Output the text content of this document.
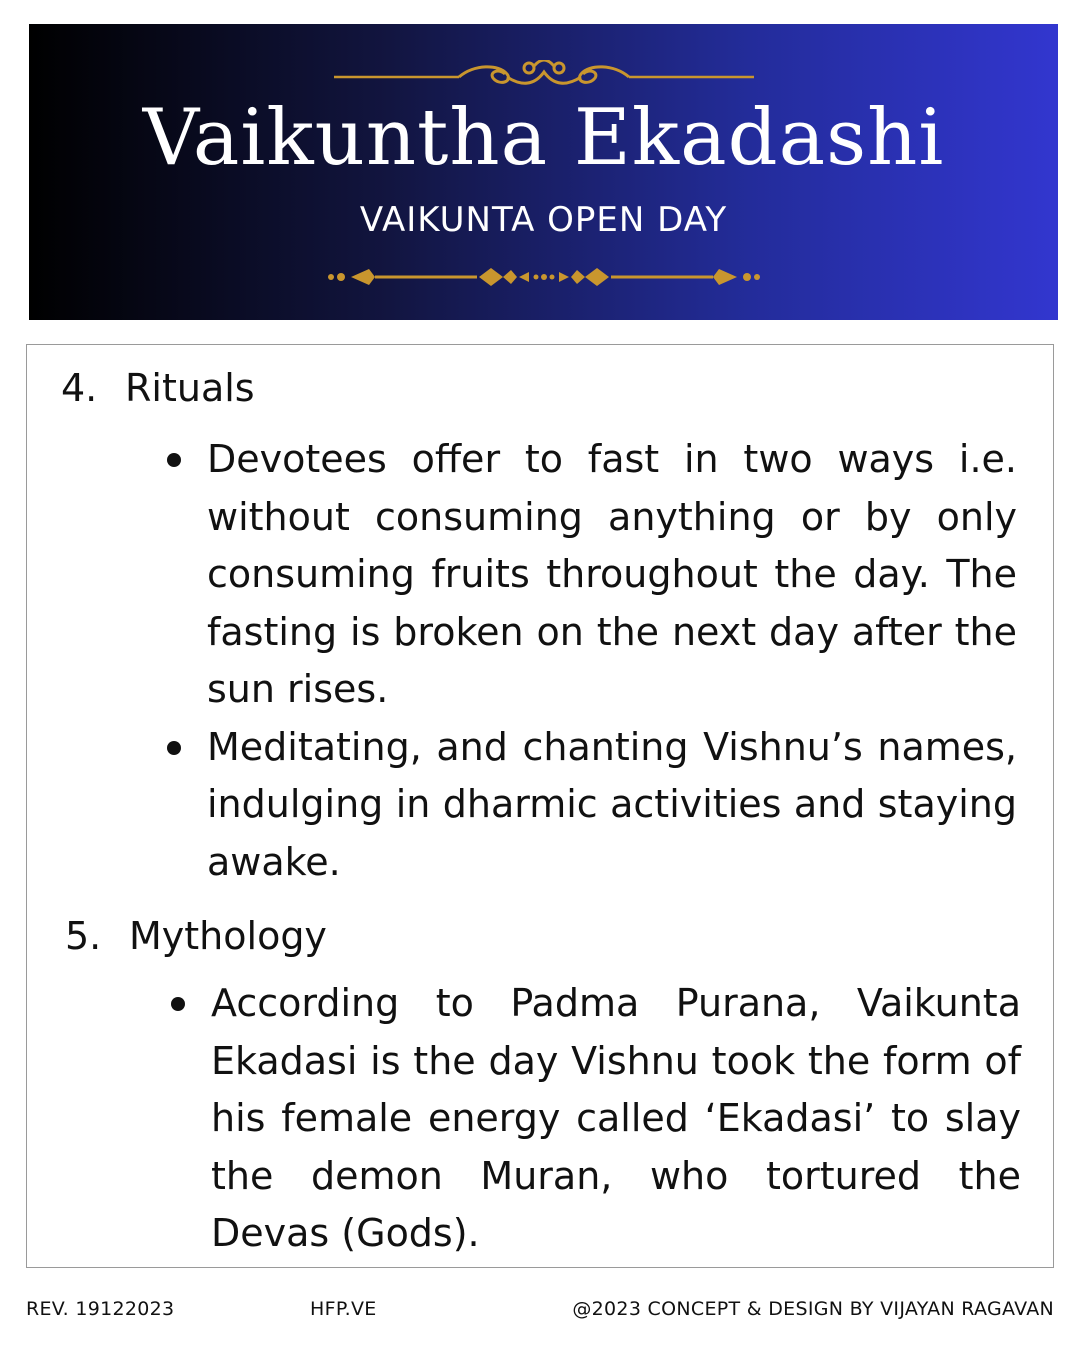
Vaikuntha Ekadashi
VAIKUNTA OPEN DAY
4. Rituals
Devotees offer to fast in two ways i.e. without consuming anything or by only consuming fruits throughout the day. The fasting is broken on the next day after the sun rises.
Meditating, and chanting Vishnu’s names, indulging in dharmic activities and staying awake.
5. Mythology
According to Padma Purana, Vaikunta Ekadasi is the day Vishnu took the form of his female energy called ‘Ekadasi’ to slay the demon Muran, who tortured the Devas (Gods).
REV. 19122023	HFP.VE	@2023 CONCEPT & DESIGN BY VIJAYAN RAGAVAN
